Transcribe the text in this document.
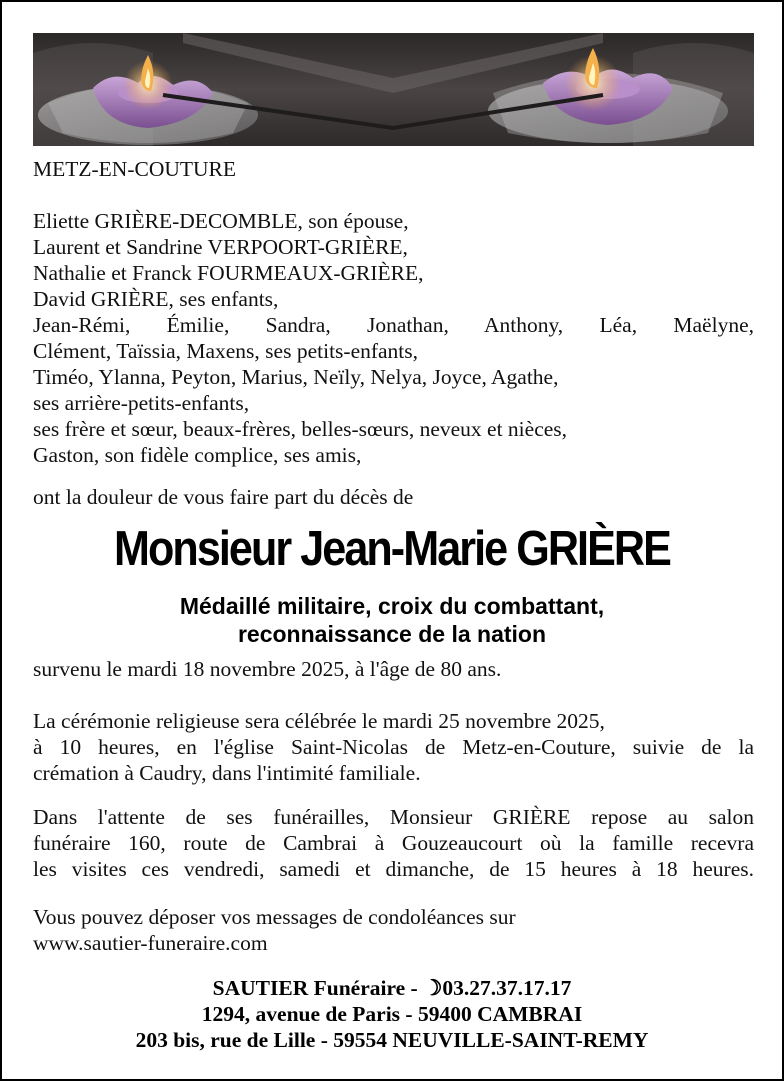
METZ-EN-COUTURE
Eliette GRIÈRE-DECOMBLE, son épouse,
Laurent et Sandrine VERPOORT-GRIÈRE,
Nathalie et Franck FOURMEAUX-GRIÈRE,
David GRIÈRE, ses enfants,
Jean-Rémi, Émilie, Sandra, Jonathan, Anthony, Léa, Maëlyne,
Clément, Taïssia, Maxens, ses petits-enfants,
Timéo, Ylanna, Peyton, Marius, Neïly, Nelya, Joyce, Agathe,
ses arrière-petits-enfants,
ses frère et sœur, beaux-frères, belles-sœurs, neveux et nièces,
Gaston, son fidèle complice, ses amis,
ont la douleur de vous faire part du décès de
Monsieur Jean-Marie GRIÈRE
Médaillé militaire, croix du combattant,
reconnaissance de la nation
survenu le mardi 18 novembre 2025, à l'âge de 80 ans.
La cérémonie religieuse sera célébrée le mardi 25 novembre 2025,
à 10 heures, en l'église Saint-Nicolas de Metz-en-Couture, suivie de la
crémation à Caudry, dans l'intimité familiale.
Dans l'attente de ses funérailles, Monsieur GRIÈRE repose au salon
funéraire 160, route de Cambrai à Gouzeaucourt où la famille recevra
les visites ces vendredi, samedi et dimanche, de 15 heures à 18 heures.
Vous pouvez déposer vos messages de condoléances sur
www.sautier-funeraire.com
SAUTIER Funéraire - ☽03.27.37.17.17
1294, avenue de Paris - 59400 CAMBRAI
203 bis, rue de Lille - 59554 NEUVILLE-SAINT-REMY
